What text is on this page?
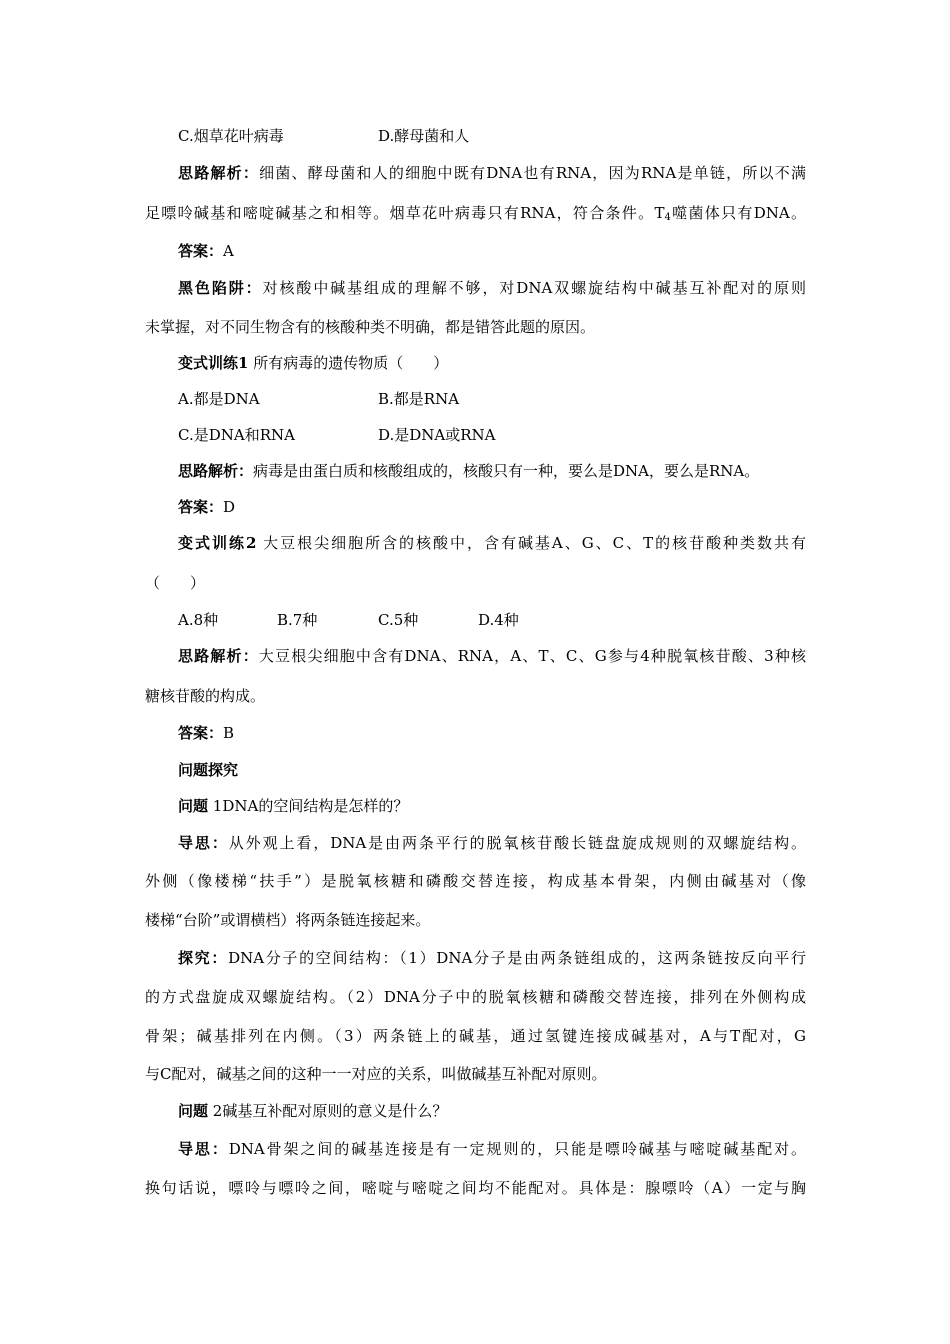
C.烟草花叶病毒	D.酵母菌和人
思路解析：细菌、酵母菌和人的细胞中既有DNA也有RNA，因为RNA是单链，所以不满
足嘌呤碱基和嘧啶碱基之和相等。烟草花叶病毒只有RNA，符合条件。$T_4$噬菌体只有DNA。
答案：A
黑色陷阱：对核酸中碱基组成的理解不够，对DNA双螺旋结构中碱基互补配对的原则
未掌握，对不同生物含有的核酸种类不明确，都是错答此题的原因。
变式训练1 所有病毒的遗传物质（　　）
A.都是DNA	B.都是RNA
C.是DNA和RNA	D.是DNA或RNA
思路解析：病毒是由蛋白质和核酸组成的，核酸只有一种，要么是DNA，要么是RNA。
答案：D
变式训练2 大豆根尖细胞所含的核酸中，含有碱基A、G、C、T的核苷酸种类数共有
（　　）
A.8种	B.7种	C.5种	D.4种
思路解析：大豆根尖细胞中含有DNA、RNA，A、T、C、G参与4种脱氧核苷酸、3种核
糖核苷酸的构成。
答案：B
问题探究
问题 1DNA的空间结构是怎样的？
导思：从外观上看，DNA是由两条平行的脱氧核苷酸长链盘旋成规则的双螺旋结构。
外侧（像楼梯“扶手”）是脱氧核糖和磷酸交替连接，构成基本骨架，内侧由碱基对（像
楼梯“台阶”或谓横档）将两条链连接起来。
探究：DNA分子的空间结构：（1）DNA分子是由两条链组成的，这两条链按反向平行
的方式盘旋成双螺旋结构。（2）DNA分子中的脱氧核糖和磷酸交替连接，排列在外侧构成
骨架；碱基排列在内侧。（3）两条链上的碱基，通过氢键连接成碱基对，A与T配对，G
与C配对，碱基之间的这种一一对应的关系，叫做碱基互补配对原则。
问题 2碱基互补配对原则的意义是什么？
导思：DNA骨架之间的碱基连接是有一定规则的，只能是嘌呤碱基与嘧啶碱基配对。
换句话说，嘌呤与嘌呤之间，嘧啶与嘧啶之间均不能配对。具体是：腺嘌呤（A）一定与胸
